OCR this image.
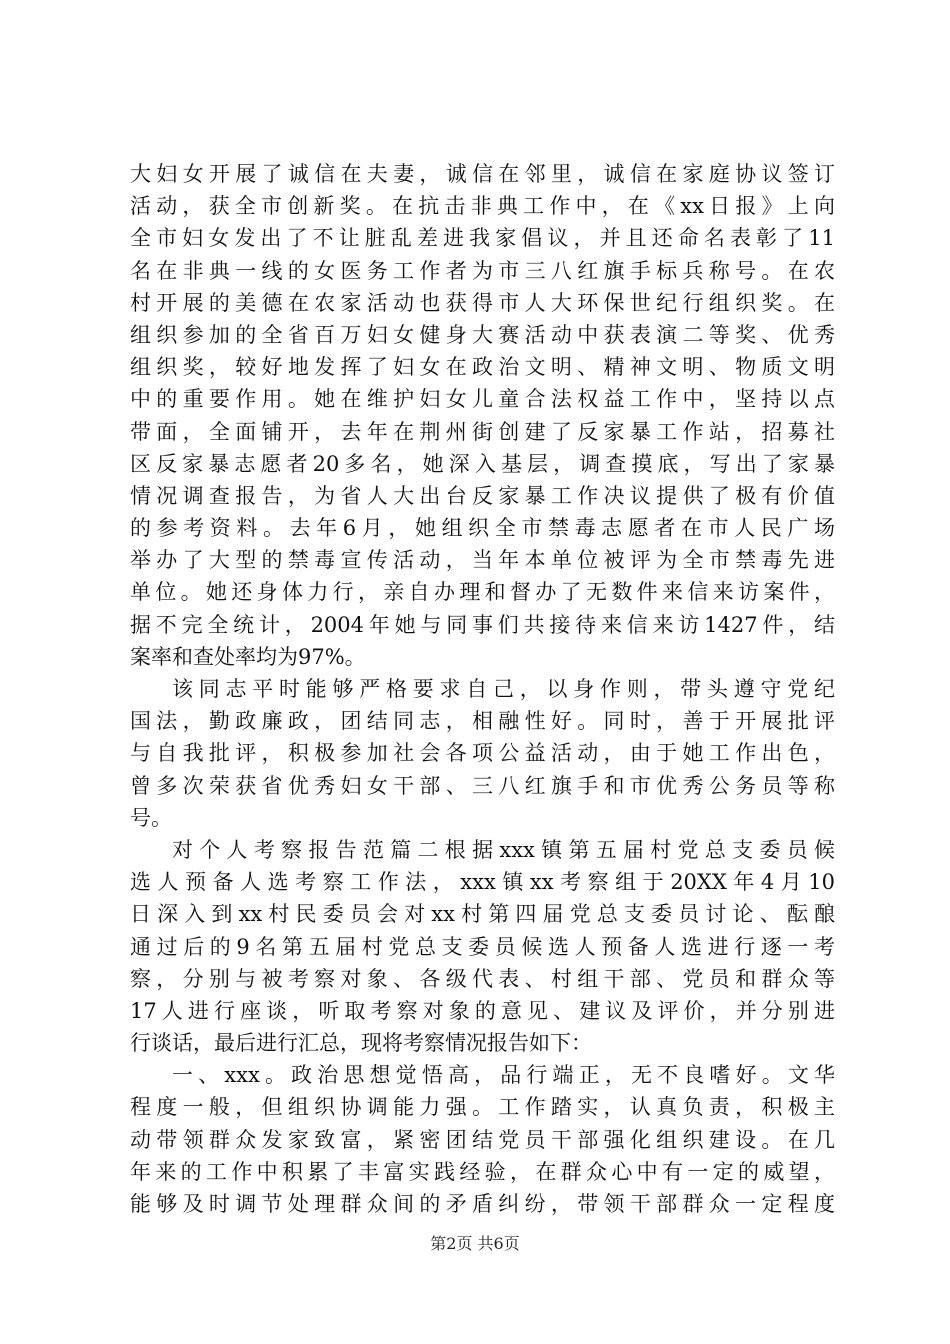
大妇女开展了诚信在夫妻，诚信在邻里，诚信在家庭协议签订
活动，获全市创新奖。在抗击非典工作中，在《xx日报》上向
全市妇女发出了不让脏乱差进我家倡议，并且还命名表彰了11
名在非典一线的女医务工作者为市三八红旗手标兵称号。在农
村开展的美德在农家活动也获得市人大环保世纪行组织奖。在
组织参加的全省百万妇女健身大赛活动中获表演二等奖、优秀
组织奖，较好地发挥了妇女在政治文明、精神文明、物质文明
中的重要作用。她在维护妇女儿童合法权益工作中，坚持以点
带面，全面铺开，去年在荆州街创建了反家暴工作站，招募社
区反家暴志愿者20多名，她深入基层，调查摸底，写出了家暴
情况调查报告，为省人大出台反家暴工作决议提供了极有价值
的参考资料。去年6月，她组织全市禁毒志愿者在市人民广场
举办了大型的禁毒宣传活动，当年本单位被评为全市禁毒先进
单位。她还身体力行，亲自办理和督办了无数件来信来访案件，
据不完全统计，2004年她与同事们共接待来信来访1427件，结
案率和查处率均为97%。
该同志平时能够严格要求自己，以身作则，带头遵守党纪
国法，勤政廉政，团结同志，相融性好。同时，善于开展批评
与自我批评，积极参加社会各项公益活动，由于她工作出色，
曾多次荣获省优秀妇女干部、三八红旗手和市优秀公务员等称
号。
对个人考察报告范篇二根据xxx镇第五届村党总支委员候
选人预备人选考察工作法，xxx镇xx考察组于20XX年4月10
日深入到xx村民委员会对xx村第四届党总支委员讨论、酝酿
通过后的9名第五届村党总支委员候选人预备人选进行逐一考
察，分别与被考察对象、各级代表、村组干部、党员和群众等
17人进行座谈，听取考察对象的意见、建议及评价，并分别进
行谈话，最后进行汇总，现将考察情况报告如下：
一、xxx。政治思想觉悟高，品行端正，无不良嗜好。文华
程度一般，但组织协调能力强。工作踏实，认真负责，积极主
动带领群众发家致富，紧密团结党员干部强化组织建设。在几
年来的工作中积累了丰富实践经验，在群众心中有一定的威望，
能够及时调节处理群众间的矛盾纠纷，带领干部群众一定程度
第2页 共6页
